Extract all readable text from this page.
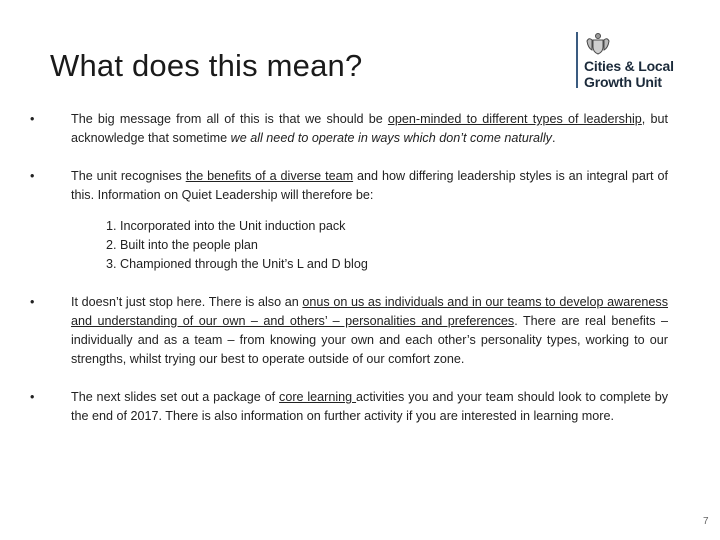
What does this mean?	Cities & Local
Growth Unit
•	The big message from all of this is that we should be open-minded to different types of leadership, but acknowledge that sometime we all need to operate in ways which don’t come naturally.
•	The unit recognises the benefits of a diverse team and how differing leadership styles is an integral part of this. Information on Quiet Leadership will therefore be:
1. Incorporated into the Unit induction pack
2. Built into the people plan
3. Championed through the Unit’s L and D blog
•	It doesn’t just stop here. There is also an onus on us as individuals and in our teams to develop awareness and understanding of our own – and others’ – personalities and preferences. There are real benefits – individually and as a team – from knowing your own and each other’s personality types, working to our strengths, whilst trying our best to operate outside of our comfort zone.
•	The next slides set out a package of core learning activities you and your team should look to complete by the end of 2017. There is also information on further activity if you are interested in learning more.
7
